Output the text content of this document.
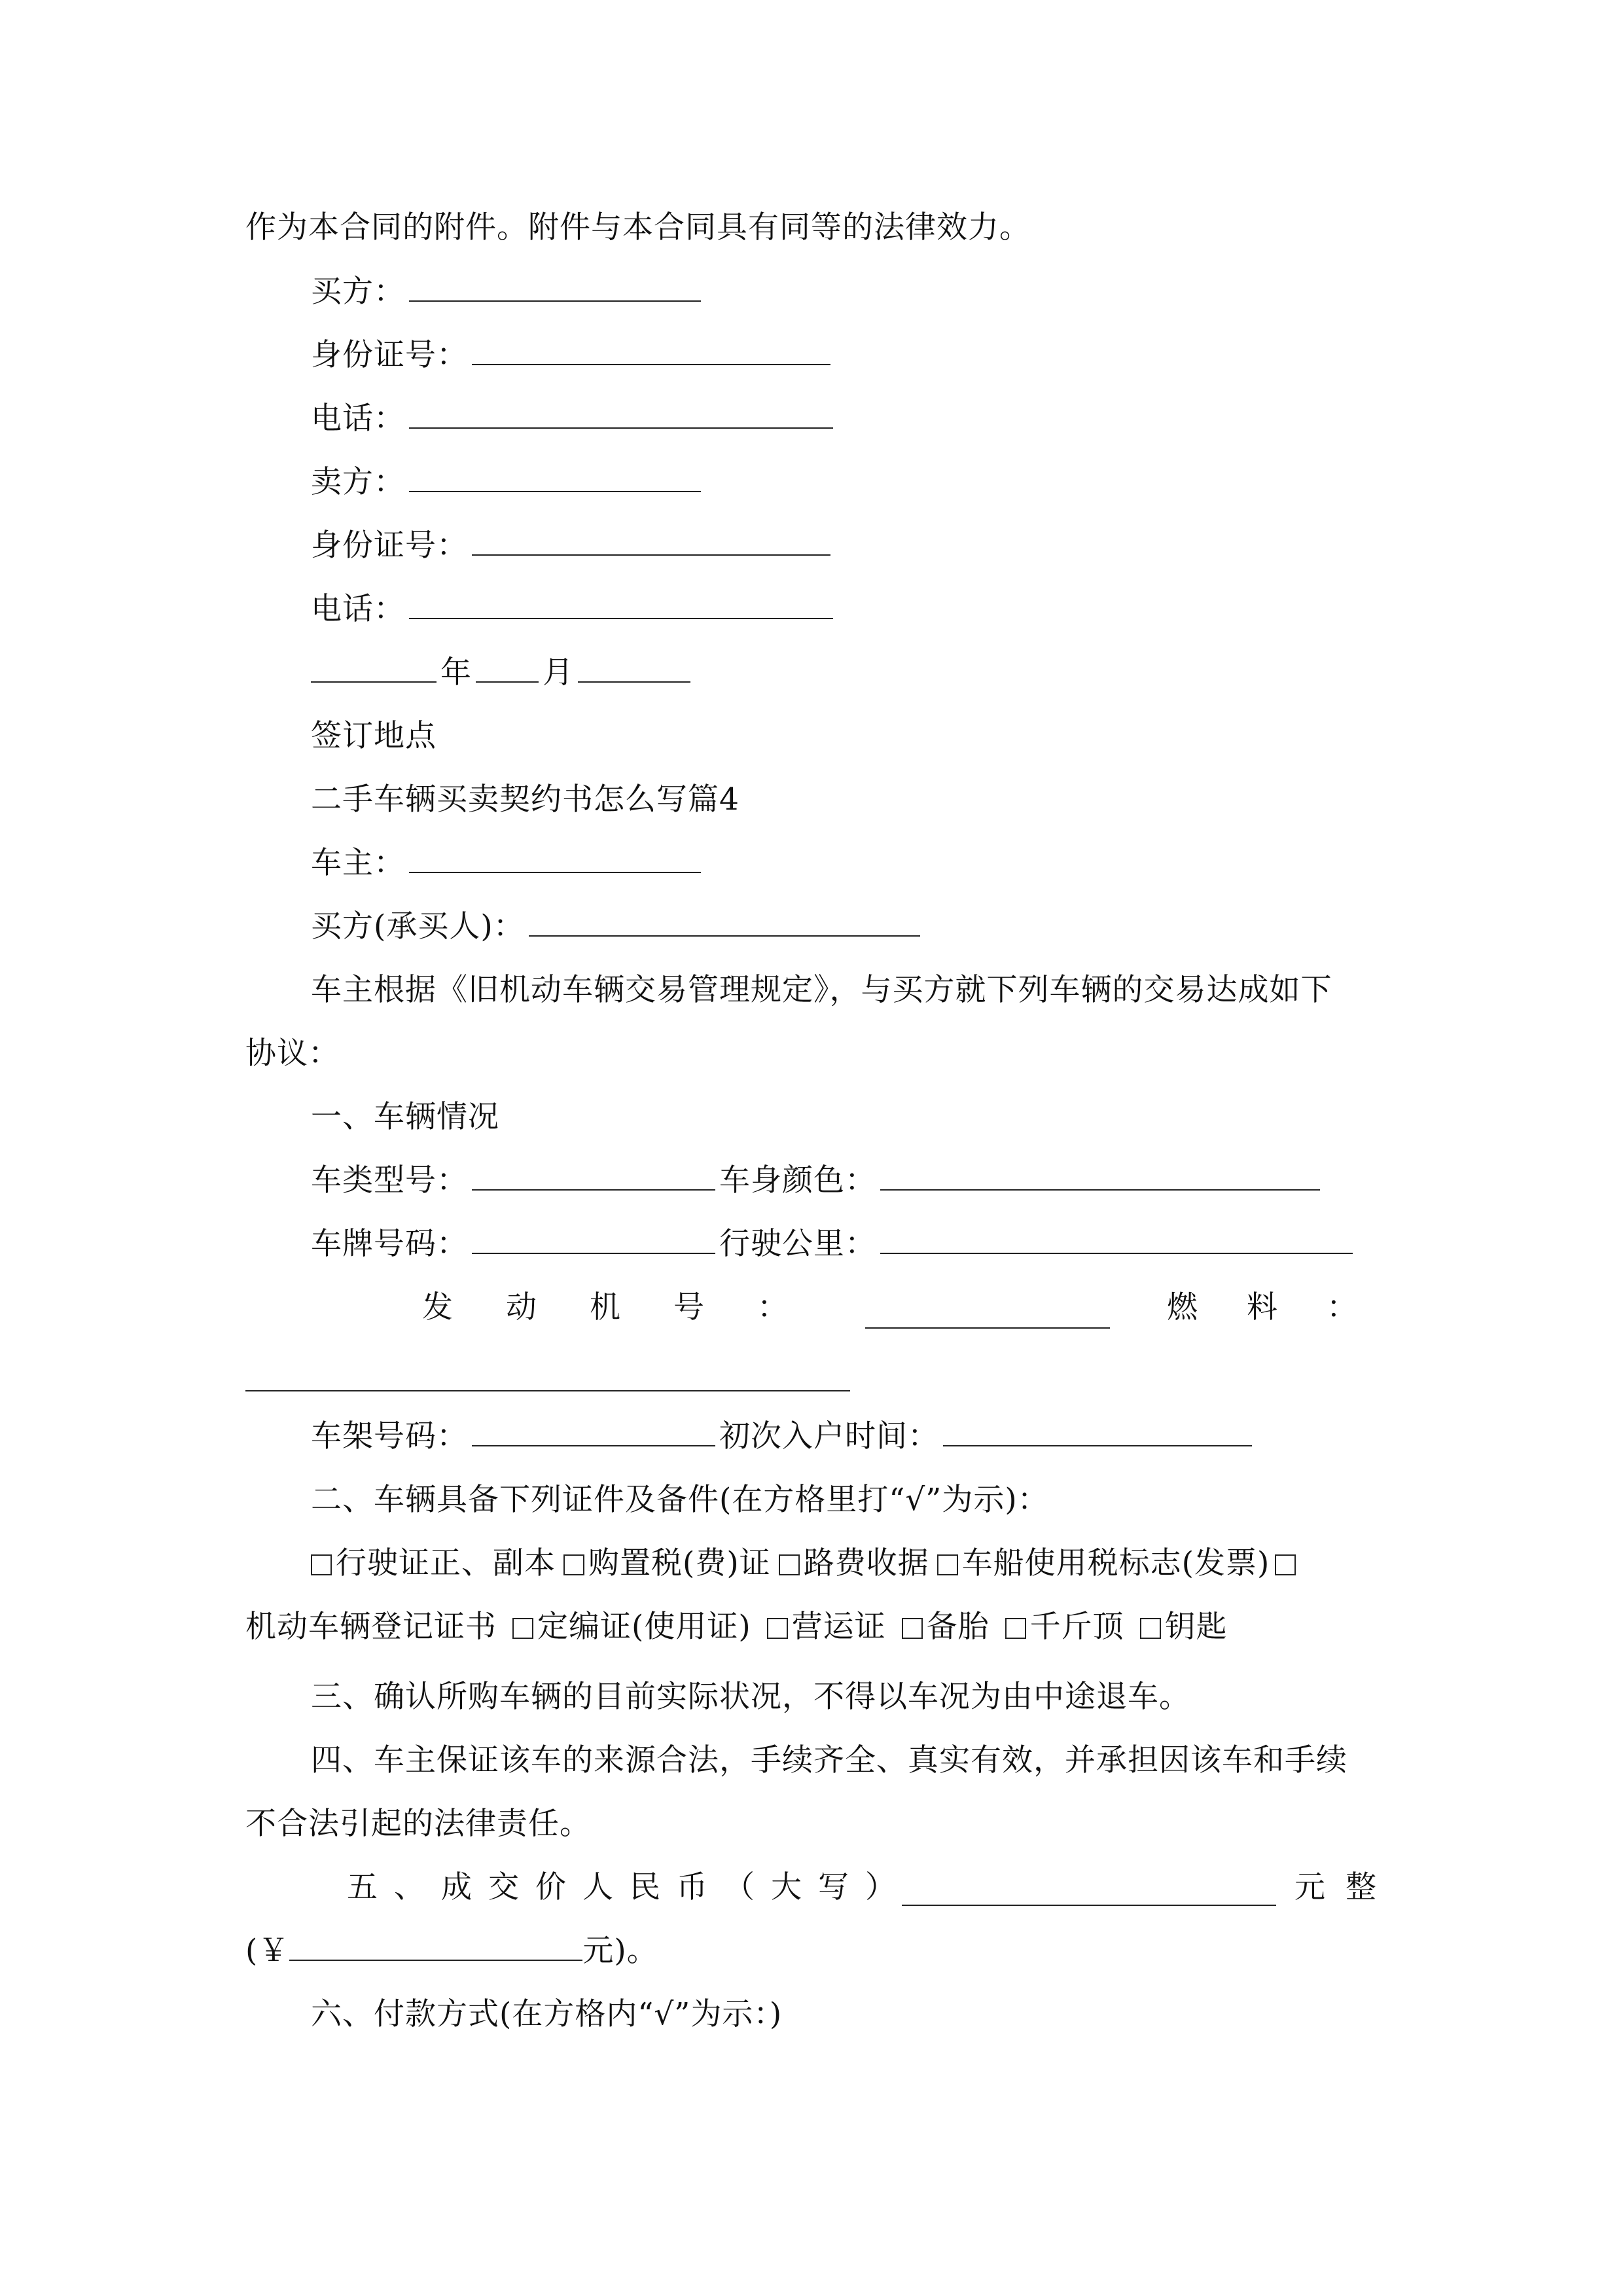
作为本合同的附件。附件与本合同具有同等的法律效力。
买方：
身份证号：
电话：
卖方：
身份证号：
电话：
年 月
签订地点
二手车辆买卖契约书怎么写篇4
车主：
买方(承买人)：
车主根据《旧机动车辆交易管理规定》，与买方就下列车辆的交易达成如下
协议：
一、车辆情况
车类型号：	车身颜色：
车牌号码：	行驶公里：
发 动 机 号 ：	燃 料 ：
车架号码：	初次入户时间：
二、车辆具备下列证件及备件(在方格里打“√”为示)：
行驶证正、副本 购置税(费)证 路费收据 车船使用税标志(发票)
机动车辆登记证书 定编证(使用证) 营运证 备胎 千斤顶 钥匙
三、确认所购车辆的目前实际状况，不得以车况为由中途退车。
四、车主保证该车的来源合法，手续齐全、真实有效，并承担因该车和手续
不合法引起的法律责任。
五 、 成 交 价 人 民 币 （ 大 写 ）	元 整
(￥	元)。
六、付款方式(在方格内“√”为示：)
